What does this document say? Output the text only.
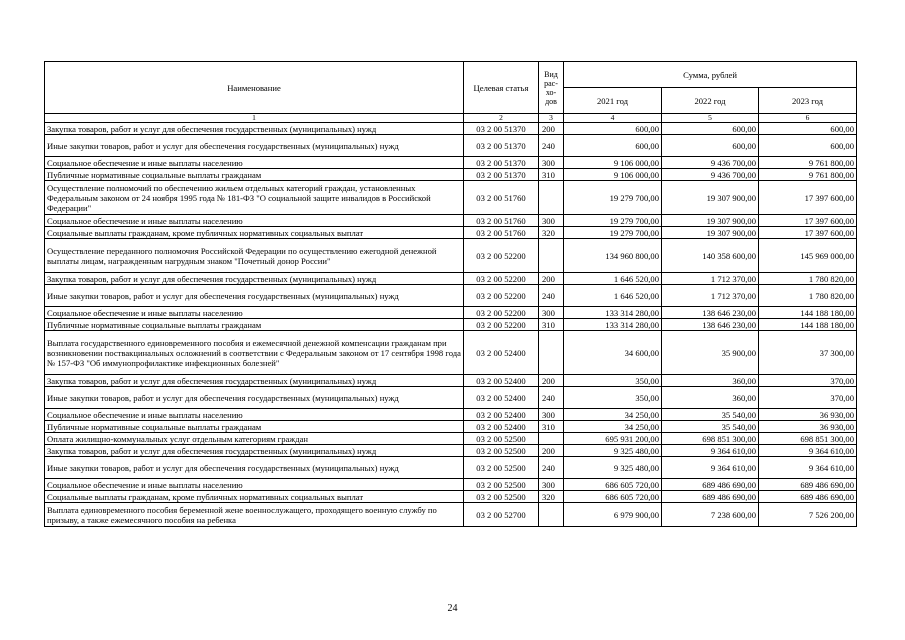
Наименование	Целевая статья	Вид рас-хо-дов	Сумма, рублей		
			2021 год	2022 год	2023 год
1	2	3	4	5	6
Закупка товаров, работ и услуг для обеспечения государственных (муниципальных) нужд	03 2 00 51370	200	600,00	600,00	600,00
Иные закупки товаров, работ и услуг для обеспечения государственных (муниципальных) нужд	03 2 00 51370	240	600,00	600,00	600,00
Социальное обеспечение и иные выплаты населению	03 2 00 51370	300	9 106 000,00	9 436 700,00	9 761 800,00
Публичные нормативные социальные выплаты гражданам	03 2 00 51370	310	9 106 000,00	9 436 700,00	9 761 800,00
Осуществление полномочий по обеспечению жильем отдельных категорий граждан, установленных Федеральным законом от 24 ноября 1995 года № 181-ФЗ "О социальной защите инвалидов в Российской Федерации"	03 2 00 51760		19 279 700,00	19 307 900,00	17 397 600,00
Социальное обеспечение и иные выплаты населению	03 2 00 51760	300	19 279 700,00	19 307 900,00	17 397 600,00
Социальные выплаты гражданам, кроме публичных нормативных социальных выплат	03 2 00 51760	320	19 279 700,00	19 307 900,00	17 397 600,00
Осуществление переданного полномочия Российской Федерации по осуществлению ежегодной денежной выплаты лицам, награжденным нагрудным знаком "Почетный донор России"	03 2 00 52200		134 960 800,00	140 358 600,00	145 969 000,00
Закупка товаров, работ и услуг для обеспечения государственных (муниципальных) нужд	03 2 00 52200	200	1 646 520,00	1 712 370,00	1 780 820,00
Иные закупки товаров, работ и услуг для обеспечения государственных (муниципальных) нужд	03 2 00 52200	240	1 646 520,00	1 712 370,00	1 780 820,00
Социальное обеспечение и иные выплаты населению	03 2 00 52200	300	133 314 280,00	138 646 230,00	144 188 180,00
Публичные нормативные социальные выплаты гражданам	03 2 00 52200	310	133 314 280,00	138 646 230,00	144 188 180,00
Выплата государственного единовременного пособия и ежемесячной денежной компенсации гражданам при возникновении поствакцинальных осложнений в соответствии с Федеральным законом от 17 сентября 1998 года № 157-ФЗ "Об иммунопрофилактике инфекционных болезней"	03 2 00 52400		34 600,00	35 900,00	37 300,00
Закупка товаров, работ и услуг для обеспечения государственных (муниципальных) нужд	03 2 00 52400	200	350,00	360,00	370,00
Иные закупки товаров, работ и услуг для обеспечения государственных (муниципальных) нужд	03 2 00 52400	240	350,00	360,00	370,00
Социальное обеспечение и иные выплаты населению	03 2 00 52400	300	34 250,00	35 540,00	36 930,00
Публичные нормативные социальные выплаты гражданам	03 2 00 52400	310	34 250,00	35 540,00	36 930,00
Оплата жилищно-коммунальных услуг отдельным категориям граждан	03 2 00 52500		695 931 200,00	698 851 300,00	698 851 300,00
Закупка товаров, работ и услуг для обеспечения государственных (муниципальных) нужд	03 2 00 52500	200	9 325 480,00	9 364 610,00	9 364 610,00
Иные закупки товаров, работ и услуг для обеспечения государственных (муниципальных) нужд	03 2 00 52500	240	9 325 480,00	9 364 610,00	9 364 610,00
Социальное обеспечение и иные выплаты населению	03 2 00 52500	300	686 605 720,00	689 486 690,00	689 486 690,00
Социальные выплаты гражданам, кроме публичных нормативных социальных выплат	03 2 00 52500	320	686 605 720,00	689 486 690,00	689 486 690,00
Выплата единовременного пособия беременной жене военнослужащего, проходящего военную службу по призыву, а также ежемесячного пособия на ребенка	03 2 00 52700		6 979 900,00	7 238 600,00	7 526 200,00
24
